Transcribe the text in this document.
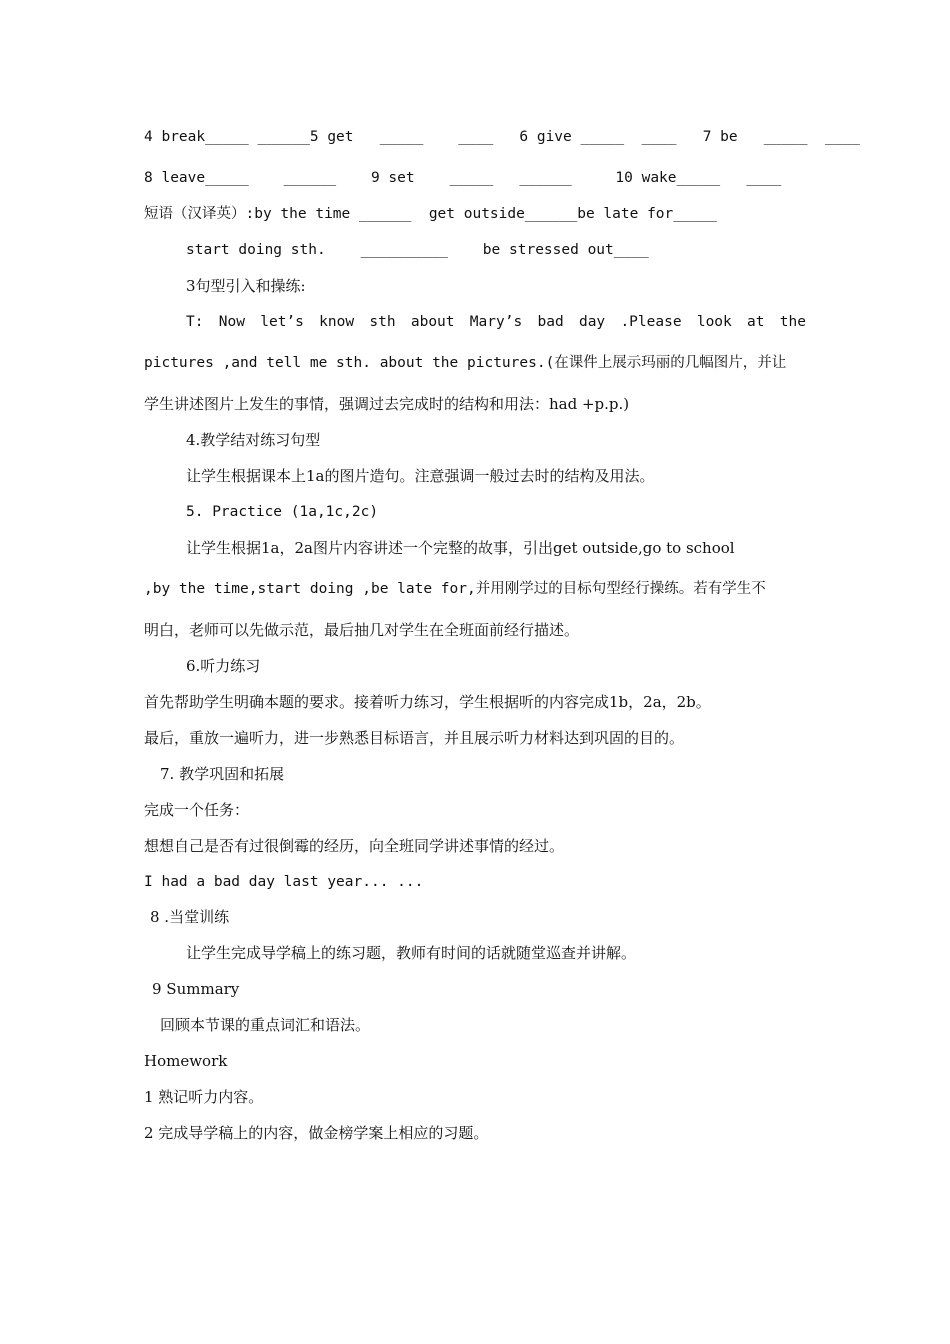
4 break_____ ______5 get   _____    ____   6 give _____  ____   7 be   _____  ____
8 leave_____    ______    9 set    _____   ______     10 wake_____   ____
短语（汉译英）:by the time ______  get outside______be late for_____
start doing sth.    __________    be stressed out____
3句型引入和操练:
T: Now let’s know sth about Mary’s bad day .Please look at the
pictures ,and tell me sth. about the pictures.(在课件上展示玛丽的几幅图片，并让
学生讲述图片上发生的事情，强调过去完成时的结构和用法：had +p.p.)
4.教学结对练习句型
让学生根据课本上1a的图片造句。注意强调一般过去时的结构及用法。
5. Practice (1a,1c,2c)
让学生根据1a，2a图片内容讲述一个完整的故事，引出get outside,go to school
,by the time,start doing ,be late for,并用刚学过的目标句型经行操练。若有学生不
明白，老师可以先做示范，最后抽几对学生在全班面前经行描述。
6.听力练习
首先帮助学生明确本题的要求。接着听力练习，学生根据听的内容完成1b，2a，2b。
最后，重放一遍听力，进一步熟悉目标语言，并且展示听力材料达到巩固的目的。
7. 教学巩固和拓展
完成一个任务：
想想自己是否有过很倒霉的经历，向全班同学讲述事情的经过。
I had a bad day last year... ...
8 .当堂训练
让学生完成导学稿上的练习题，教师有时间的话就随堂巡查并讲解。
9 Summary
回顾本节课的重点词汇和语法。
Homework
1 熟记听力内容。
2 完成导学稿上的内容，做金榜学案上相应的习题。
